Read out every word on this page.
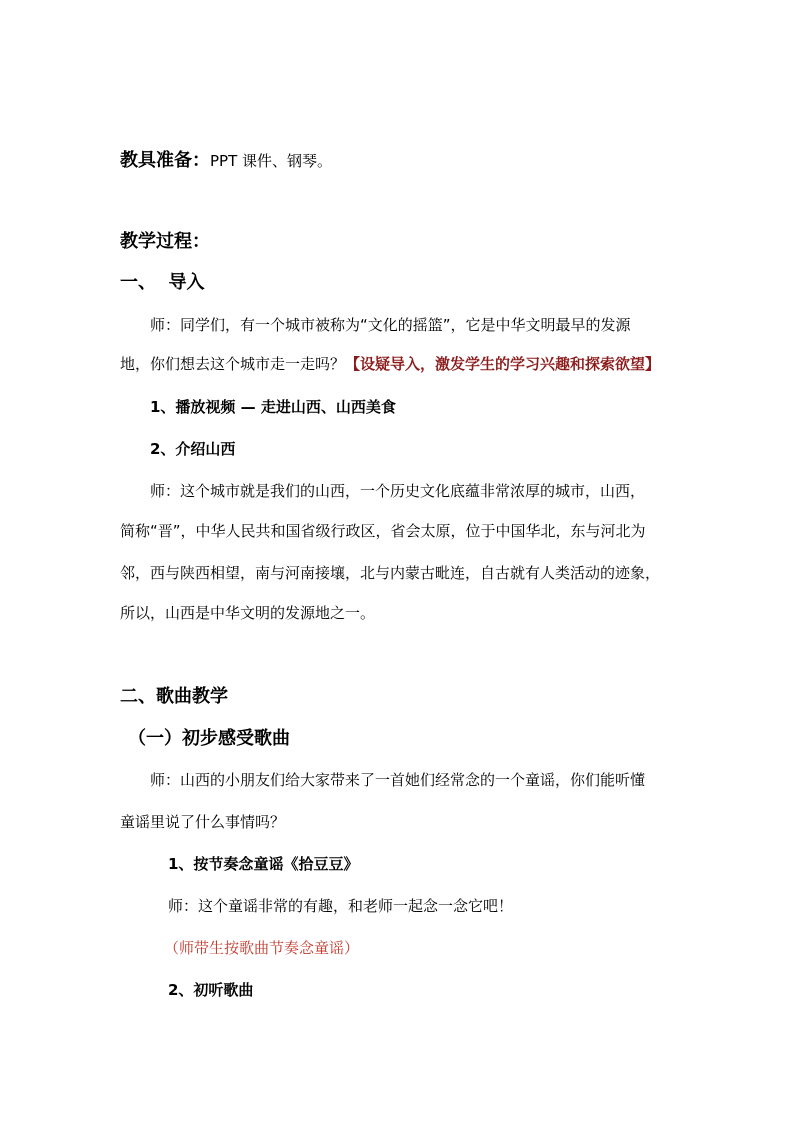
教具准备：PPT 课件、钢琴。
教学过程：
一、  导入
师：同学们，有一个城市被称为“文化的摇篮”，它是中华文明最早的发源
地，你们想去这个城市走一走吗？【设疑导入，激发学生的学习兴趣和探索欲望】
1、播放视频 — 走进山西、山西美食
2、介绍山西
师：这个城市就是我们的山西，一个历史文化底蕴非常浓厚的城市，山西，
简称“晋”，中华人民共和国省级行政区，省会太原，位于中国华北，东与河北为
邻，西与陕西相望，南与河南接壤，北与内蒙古毗连，自古就有人类活动的迹象，
所以，山西是中华文明的发源地之一。
二、歌曲教学
（一）初步感受歌曲
师：山西的小朋友们给大家带来了一首她们经常念的一个童谣，你们能听懂
童谣里说了什么事情吗？
1、按节奏念童谣《拾豆豆》
师：这个童谣非常的有趣，和老师一起念一念它吧！
（师带生按歌曲节奏念童谣）
2、初听歌曲
